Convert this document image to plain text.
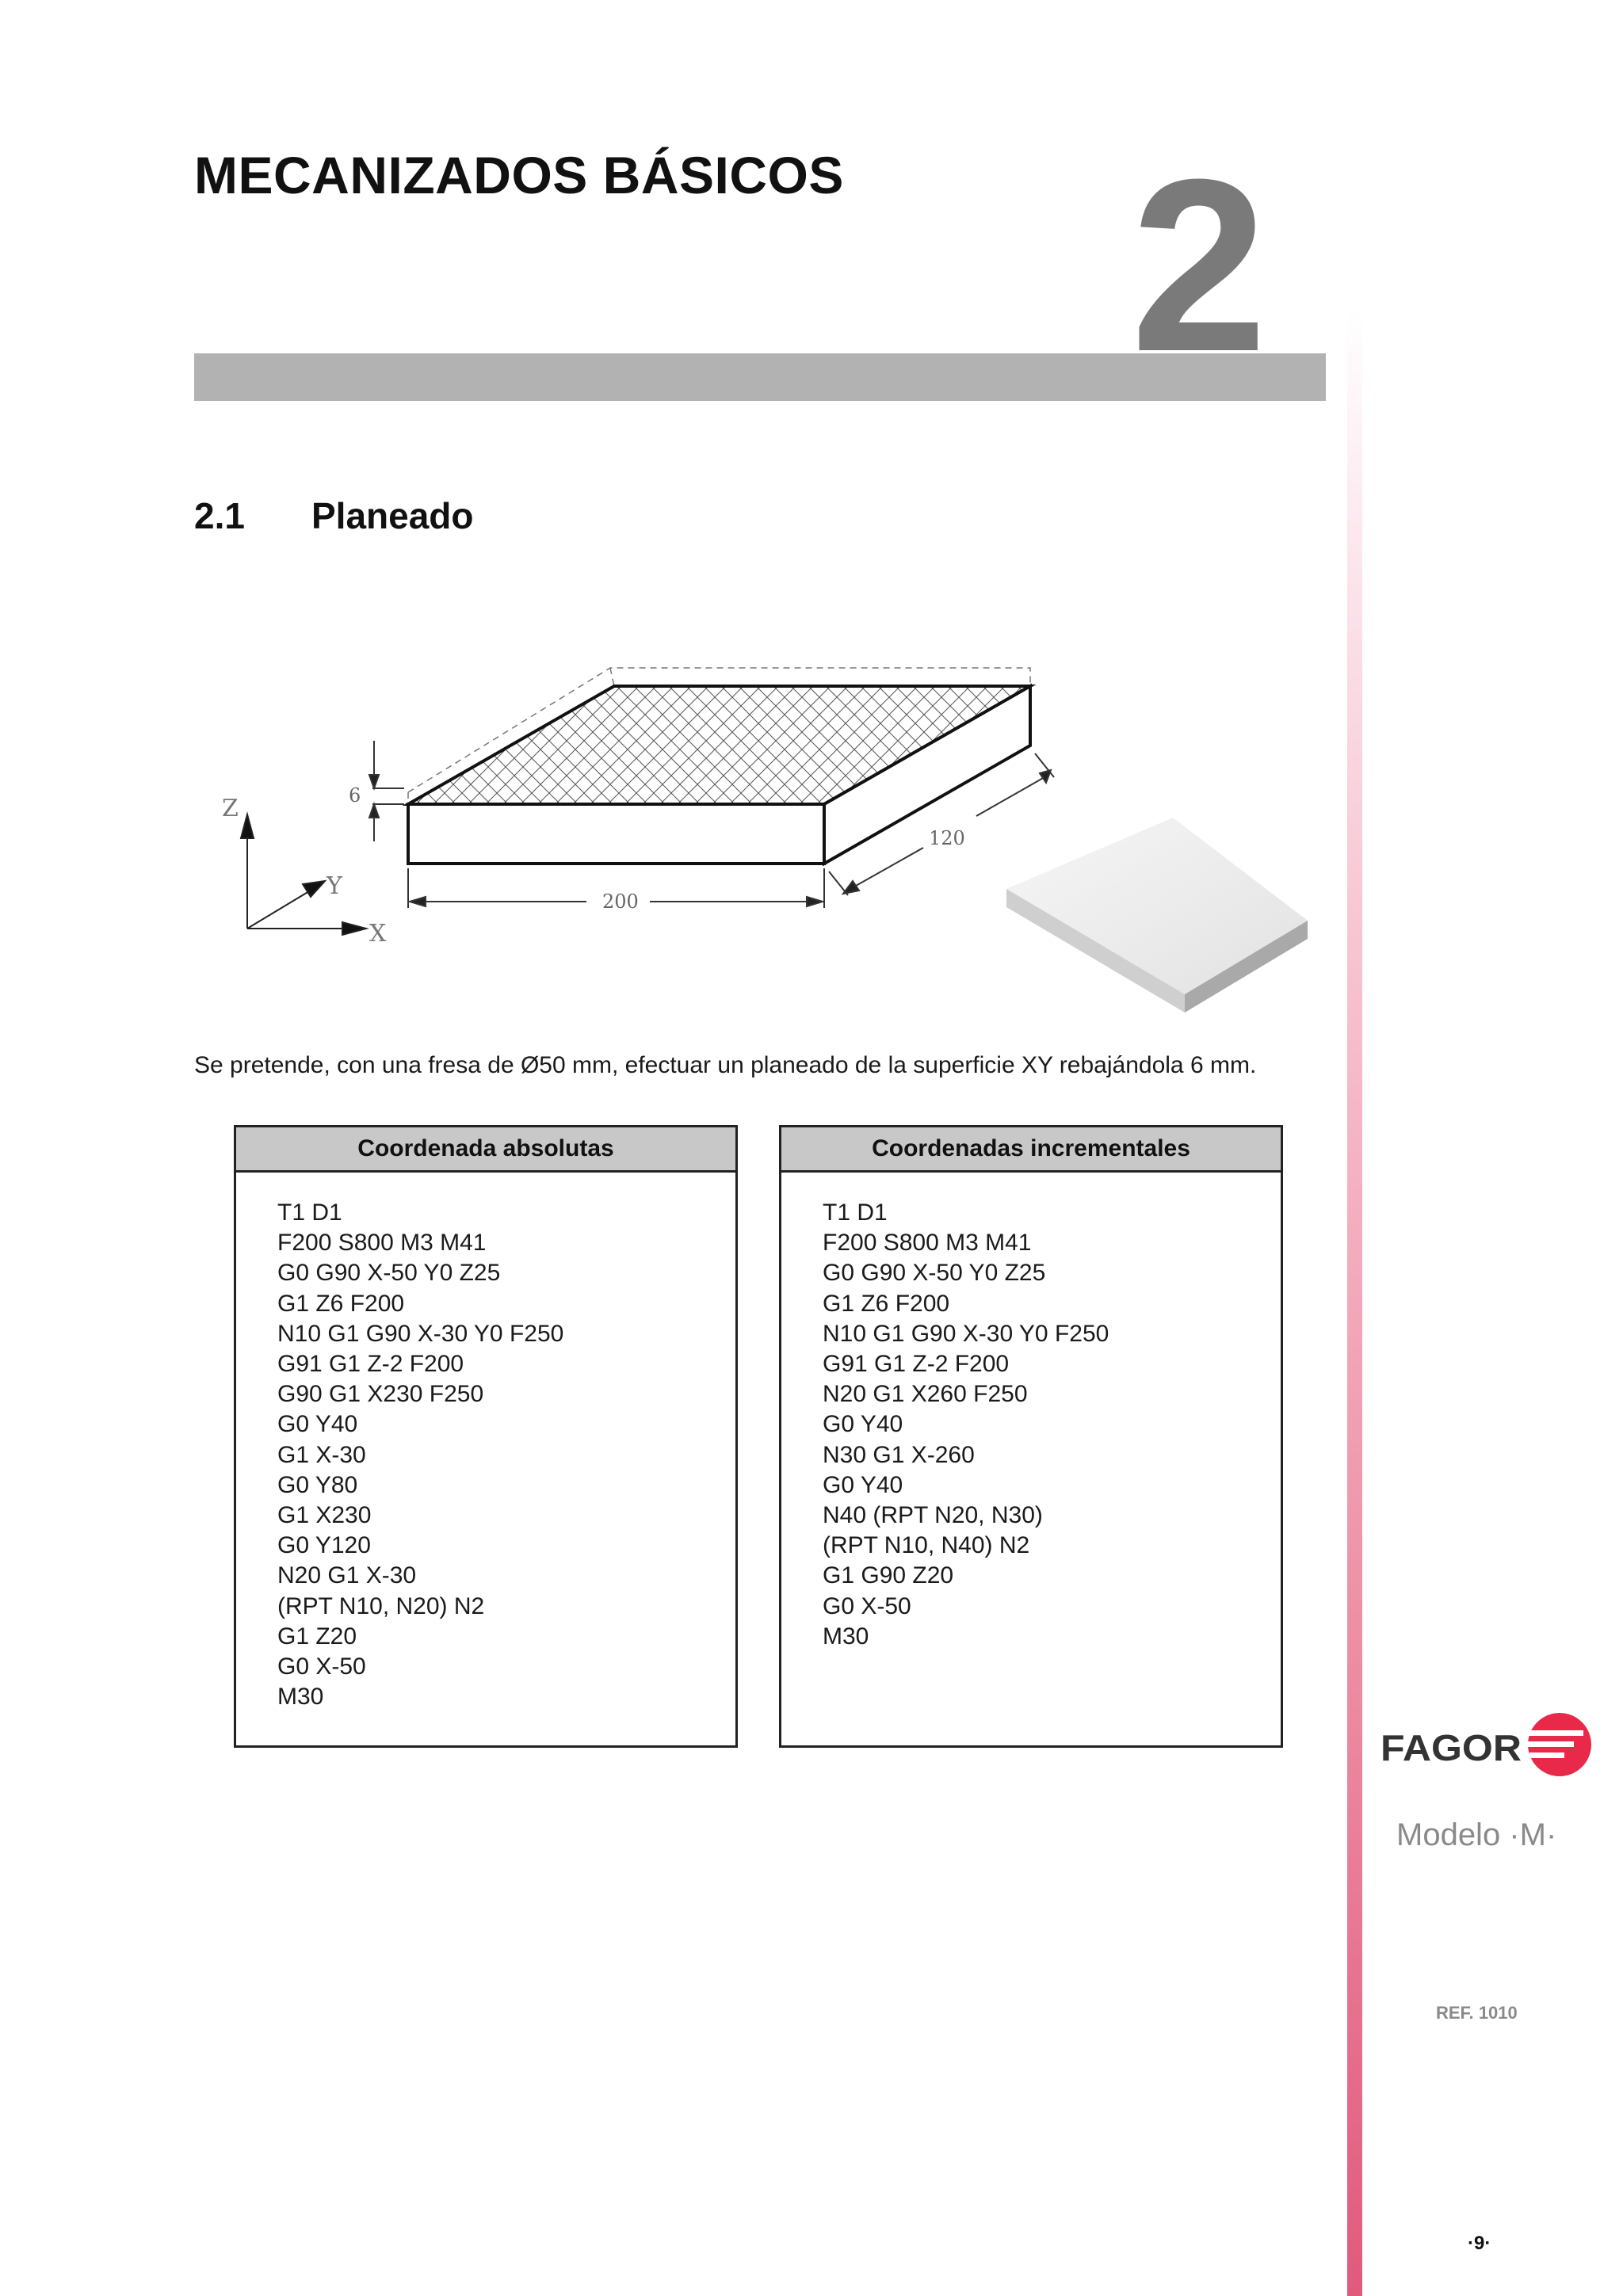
MECANIZADOS BÁSICOS 2
2.1 Planeado
6
200
120
Z
Y
X
Se pretende, con una fresa de Ø50 mm, efectuar un planeado de la superficie XY rebajándola 6 mm.
Coordenada absolutas
T1 D1
F200 S800 M3 M41
G0 G90 X-50 Y0 Z25
G1 Z6 F200
N10 G1 G90 X-30 Y0 F250
G91 G1 Z-2 F200
G90 G1 X230 F250
G0 Y40
G1 X-30
G0 Y80
G1 X230
G0 Y120
N20 G1 X-30
(RPT N10, N20) N2
G1 Z20
G0 X-50
M30
Coordenadas incrementales
T1 D1
F200 S800 M3 M41
G0 G90 X-50 Y0 Z25
G1 Z6 F200
N10 G1 G90 X-30 Y0 F250
G91 G1 Z-2 F200
N20 G1 X260 F250
G0 Y40
N30 G1 X-260
G0 Y40
N40 (RPT N20, N30)
(RPT N10, N40) N2
G1 G90 Z20
G0 X-50
M30
FAGOR
Modelo ·M·
REF. 1010
·9·
